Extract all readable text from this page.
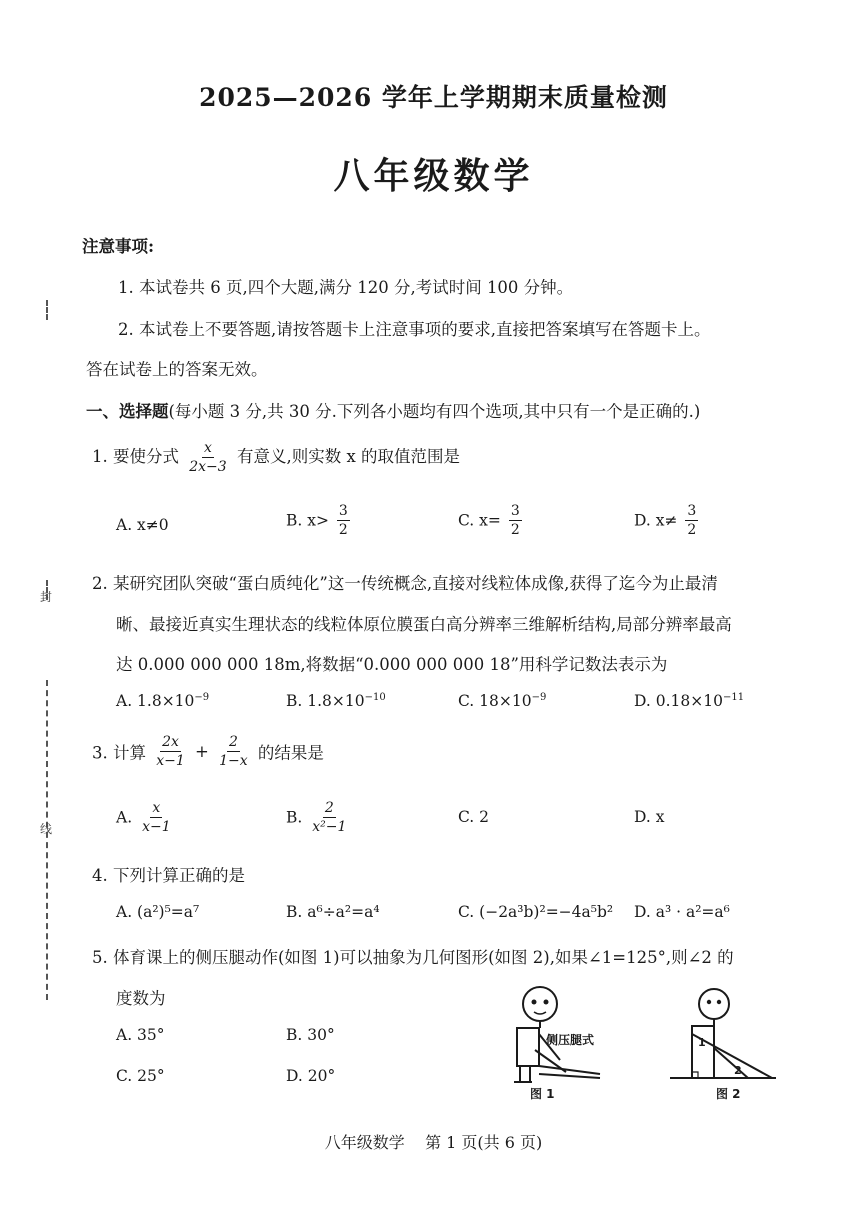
封
线
2025—2026 学年上学期期末质量检测
八年级数学
注意事项:
1. 本试卷共 6 页,四个大题,满分 120 分,考试时间 100 分钟。
2. 本试卷上不要答题,请按答题卡上注意事项的要求,直接把答案填写在答题卡上。
答在试卷上的答案无效。
一、选择题(每小题 3 分,共 30 分.下列各小题均有四个选项,其中只有一个是正确的.)
1. 要使分式 $\frac{x}{2x-3}$ 有意义,则实数 x 的取值范围是
A. x≠0	B. $x> \frac{3}{2}$	C. $x= \frac{3}{2}$	D. $x\ne \frac{3}{2}$
2. 某研究团队突破“蛋白质纯化”这一传统概念,直接对线粒体成像,获得了迄今为止最清
晰、最接近真实生理状态的线粒体原位膜蛋白高分辨率三维解析结构,局部分辨率最高
达 0.000 000 000 18m,将数据“0.000 000 000 18”用科学记数法表示为
A. $1.8\times 10^{-9}$	B. $1.8\times 10^{-10}$	C. $18\times 10^{-9}$	D. $0.18\times 10^{-11}$
3. 计算 $\frac{2x}{x-1} + \frac{2}{1-x}$ 的结果是
A. $\frac{x}{x-1}$	B. $\frac{2}{\text{x²−1}}$	C. 2	D. x
4. 下列计算正确的是
A. (a²)⁵=a⁷	B. a⁶÷a²=a⁴	C. (−2a³b)²=−4a⁵b² D. a³ · a²=a⁶
5. 体育课上的侧压腿动作(如图 1)可以抽象为几何图形(如图 2),如果∠1=125°,则∠2 的
度数为
A. 35°	B. 30°
C. 25°	D. 20°
侧压腿式
图 1
1
2
图 2
八年级数学    第 1 页(共 6 页)
